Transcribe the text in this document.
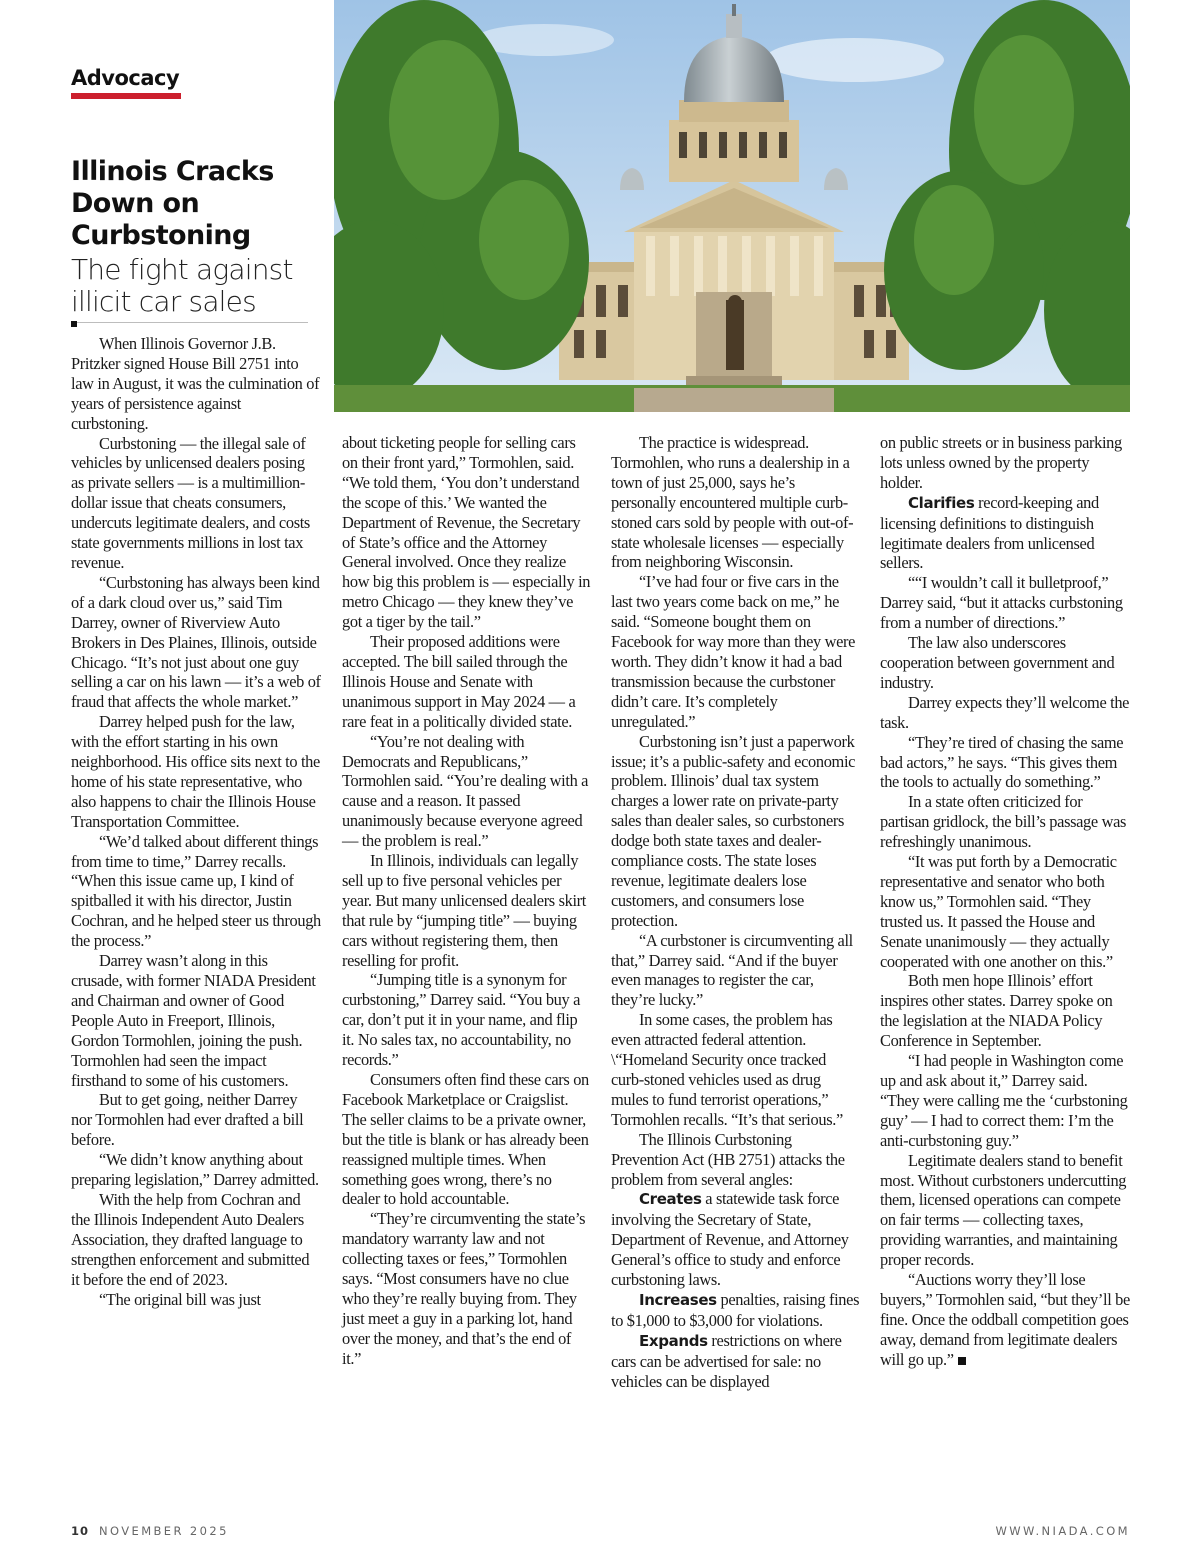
Advocacy
Illinois Cracks Down on Curbstoning
The fight against illicit car sales

When Illinois Governor J.B. Pritzker signed House Bill 2751 into law in August, it was the culmination of years of persistence against curbstoning.

Curbstoning — the illegal sale of vehicles by unlicensed dealers posing as private sellers — is a multimillion-dollar issue that cheats consumers, undercuts legitimate dealers, and costs state governments millions in lost tax revenue.

“Curbstoning has always been kind of a dark cloud over us,” said Tim Darrey, owner of Riverview Auto Brokers in Des Plaines, Illinois, outside Chicago. “It’s not just about one guy selling a car on his lawn — it’s a web of fraud that affects the whole market.”

Darrey helped push for the law, with the effort starting in his own neighborhood. His office sits next to the home of his state representative, who also happens to chair the Illinois House Transportation Committee.

“We’d talked about different things from time to time,” Darrey recalls. “When this issue came up, I kind of spitballed it with his director, Justin Cochran, and he helped steer us through the process.”

Darrey wasn’t along in this crusade, with former NIADA President and Chairman and owner of Good People Auto in Freeport, Illinois, Gordon Tormohlen, joining the push. Tormohlen had seen the impact firsthand to some of his customers.

But to get going, neither Darrey nor Tormohlen had ever drafted a bill before.

“We didn’t know anything about preparing legislation,” Darrey admitted.

With the help from Cochran and the Illinois Independent Auto Dealers Association, they drafted language to strengthen enforcement and submitted it before the end of 2023.

“The original bill was just

about ticketing people for selling cars on their front yard,” Tormohlen, said. “We told them, ‘You don’t understand the scope of this.’ We wanted the Department of Revenue, the Secretary of State’s office and the Attorney General involved. Once they realize how big this problem is — especially in metro Chicago — they knew they’ve got a tiger by the tail.”

Their proposed additions were accepted. The bill sailed through the Illinois House and Senate with unanimous support in May 2024 — a rare feat in a politically divided state.

“You’re not dealing with Democrats and Republicans,” Tormohlen said. “You’re dealing with a cause and a reason. It passed unanimously because everyone agreed — the problem is real.”

In Illinois, individuals can legally sell up to five personal vehicles per year. But many unlicensed dealers skirt that rule by “jumping title” — buying cars without registering them, then reselling for profit.

“Jumping title is a synonym for curbstoning,” Darrey said. “You buy a car, don’t put it in your name, and flip it. No sales tax, no accountability, no records.”

Consumers often find these cars on Facebook Marketplace or Craigslist. The seller claims to be a private owner, but the title is blank or has already been reassigned multiple times. When something goes wrong, there’s no dealer to hold accountable.

“They’re circumventing the state’s mandatory warranty law and not collecting taxes or fees,” Tormohlen says. “Most consumers have no clue who they’re really buying from. They just meet a guy in a parking lot, hand over the money, and that’s the end of it.”

The practice is widespread. Tormohlen, who runs a dealership in a town of just 25,000, says he’s personally encountered multiple curb-stoned cars sold by people with out-of-state wholesale licenses — especially from neighboring Wisconsin.

“I’ve had four or five cars in the last two years come back on me,” he said. “Someone bought them on Facebook for way more than they were worth. They didn’t know it had a bad transmission because the curbstoner didn’t care. It’s completely unregulated.”

Curbstoning isn’t just a paperwork issue; it’s a public-safety and economic problem. Illinois’ dual tax system charges a lower rate on private-party sales than dealer sales, so curbstoners dodge both state taxes and dealer-compliance costs. The state loses revenue, legitimate dealers lose customers, and consumers lose protection.

“A curbstoner is circumventing all that,” Darrey said. “And if the buyer even manages to register the car, they’re lucky.”

In some cases, the problem has even attracted federal attention. \“Homeland Security once tracked curb-stoned vehicles used as drug mules to fund terrorist operations,” Tormohlen recalls. “It’s that serious.”

The Illinois Curbstoning Prevention Act (HB 2751) attacks the problem from several angles:

Creates a statewide task force involving the Secretary of State, Department of Revenue, and Attorney General’s office to study and enforce curbstoning laws.

Increases penalties, raising fines to $1,000 to $3,000 for violations.

Expands restrictions on where cars can be advertised for sale: no vehicles can be displayed

on public streets or in business parking lots unless owned by the property holder.

Clarifies record-keeping and licensing definitions to distinguish legitimate dealers from unlicensed sellers.

““I wouldn’t call it bulletproof,” Darrey said, “but it attacks curbstoning from a number of directions.”

The law also underscores cooperation between government and industry.

Darrey expects they’ll welcome the task.

“They’re tired of chasing the same bad actors,” he says. “This gives them the tools to actually do something.”

In a state often criticized for partisan gridlock, the bill’s passage was refreshingly unanimous.

“It was put forth by a Democratic representative and senator who both know us,” Tormohlen said. “They trusted us. It passed the House and Senate unanimously — they actually cooperated with one another on this.”

Both men hope Illinois’ effort inspires other states. Darrey spoke on the legislation at the NIADA Policy Conference in September.

“I had people in Washington come up and ask about it,” Darrey said. “They were calling me the ‘curbstoning guy’ — I had to correct them: I’m the anti-curbstoning guy.”

Legitimate dealers stand to benefit most. Without curbstoners undercutting them, licensed operations can compete on fair terms — collecting taxes, providing warranties, and maintaining proper records.

“Auctions worry they’ll lose buyers,” Tormohlen said, “but they’ll be fine. Once the oddball competition goes away, demand from legitimate dealers will go up.”

10 NOVEMBER 2025	WWW.NIADA.COM
